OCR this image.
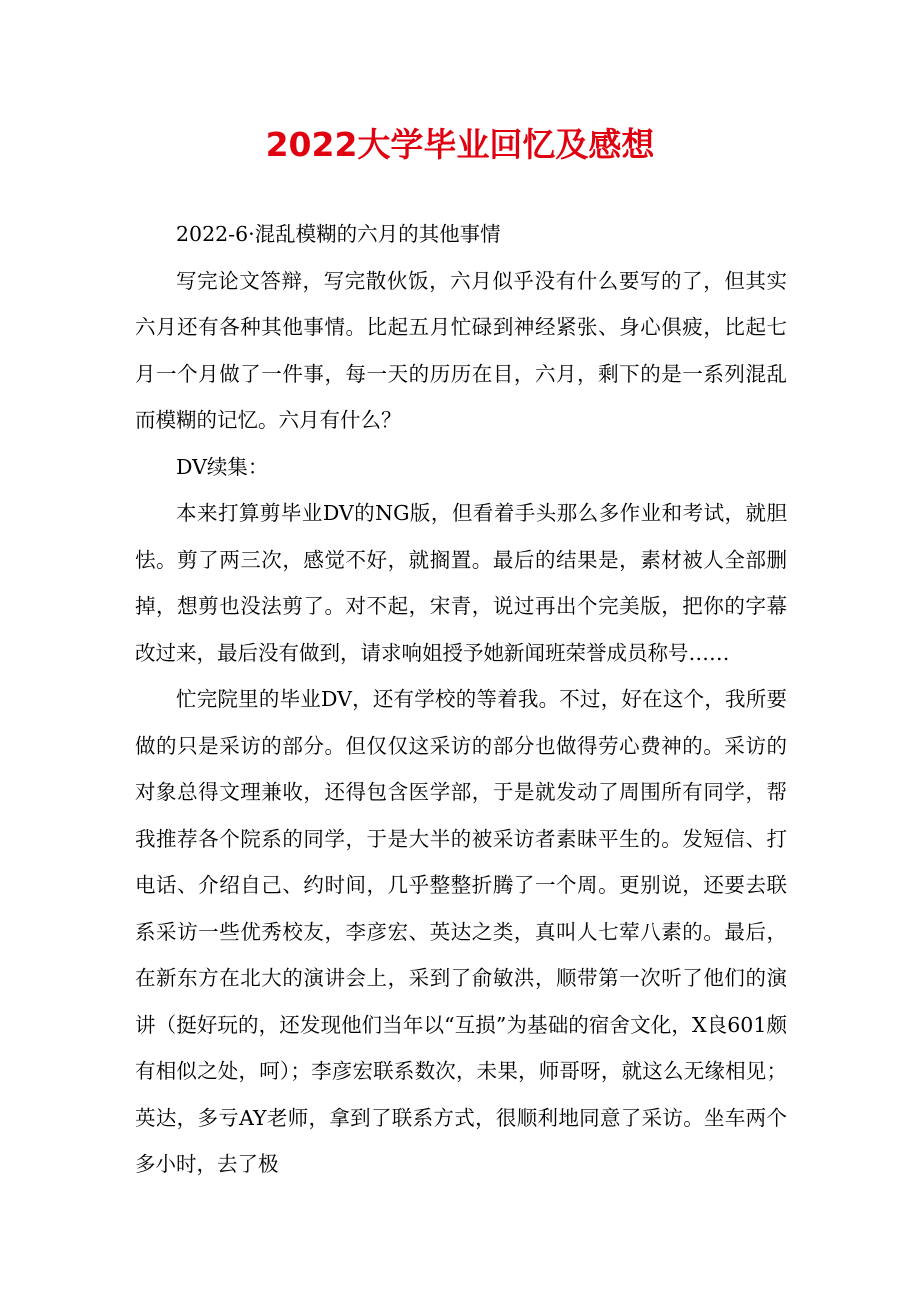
2022大学毕业回忆及感想

2022-6·混乱模糊的六月的其他事情

写完论文答辩，写完散伙饭，六月似乎没有什么要写的了，但其实六月还有各种其他事情。比起五月忙碌到神经紧张、身心俱疲，比起七月一个月做了一件事，每一天的历历在目，六月，剩下的是一系列混乱而模糊的记忆。六月有什么？

DV续集：

本来打算剪毕业DV的NG版，但看着手头那么多作业和考试，就胆怯。剪了两三次，感觉不好，就搁置。最后的结果是，素材被人全部删掉，想剪也没法剪了。对不起，宋青，说过再出个完美版，把你的字幕改过来，最后没有做到，请求响姐授予她新闻班荣誉成员称号……

忙完院里的毕业DV，还有学校的等着我。不过，好在这个，我所要做的只是采访的部分。但仅仅这采访的部分也做得劳心费神的。采访的对象总得文理兼收，还得包含医学部，于是就发动了周围所有同学，帮我推荐各个院系的同学，于是大半的被采访者素昧平生的。发短信、打电话、介绍自己、约时间，几乎整整折腾了一个周。更别说，还要去联系采访一些优秀校友，李彦宏、英达之类，真叫人七荤八素的。最后，在新东方在北大的演讲会上，采到了俞敏洪，顺带第一次听了他们的演讲（挺好玩的，还发现他们当年以“互损”为基础的宿舍文化，X良601颇有相似之处，呵）；李彦宏联系数次，未果，师哥呀，就这么无缘相见；英达，多亏AY老师，拿到了联系方式，很顺利地同意了采访。坐车两个多小时，去了极
